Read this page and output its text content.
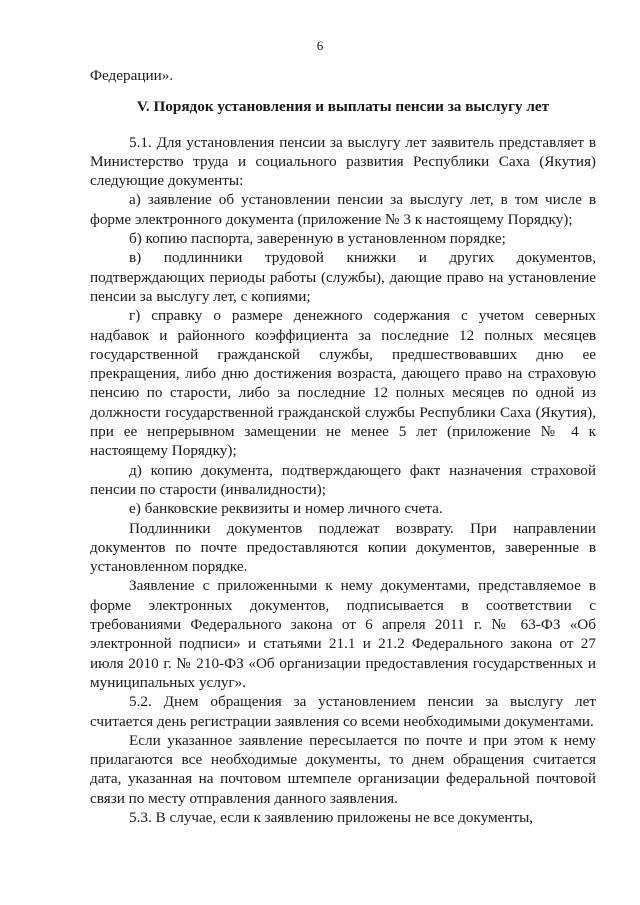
6

Федерации».

V. Порядок установления и выплаты пенсии за выслугу лет

5.1. Для установления пенсии за выслугу лет заявитель представляет в Министерство труда и социального развития Республики Саха (Якутия) следующие документы:

а) заявление об установлении пенсии за выслугу лет, в том числе в форме электронного документа (приложение № 3 к настоящему Порядку);

б) копию паспорта, заверенную в установленном порядке;

в) подлинники трудовой книжки и других документов, подтверждающих периоды работы (службы), дающие право на установление пенсии за выслугу лет, с копиями;

г) справку о размере денежного содержания с учетом северных надбавок и районного коэффициента за последние 12 полных месяцев государственной гражданской службы, предшествовавших дню ее прекращения, либо дню достижения возраста, дающего право на страховую пенсию по старости, либо за последние 12 полных месяцев по одной из должности государственной гражданской службы Республики Саха (Якутия), при ее непрерывном замещении не менее 5 лет (приложение № 4 к настоящему Порядку);

д) копию документа, подтверждающего факт назначения страховой пенсии по старости (инвалидности);

е) банковские реквизиты и номер личного счета.

Подлинники документов подлежат возврату. При направлении документов по почте предоставляются копии документов, заверенные в установленном порядке.

Заявление с приложенными к нему документами, представляемое в форме электронных документов, подписывается в соответствии с требованиями Федерального закона от 6 апреля 2011 г. № 63-ФЗ «Об электронной подписи» и статьями 21.1 и 21.2 Федерального закона от 27 июля 2010 г. № 210-ФЗ «Об организации предоставления государственных и муниципальных услуг».

5.2. Днем обращения за установлением пенсии за выслугу лет считается день регистрации заявления со всеми необходимыми документами.

Если указанное заявление пересылается по почте и при этом к нему прилагаются все необходимые документы, то днем обращения считается дата, указанная на почтовом штемпеле организации федеральной почтовой связи по месту отправления данного заявления.

5.3. В случае, если к заявлению приложены не все документы,
